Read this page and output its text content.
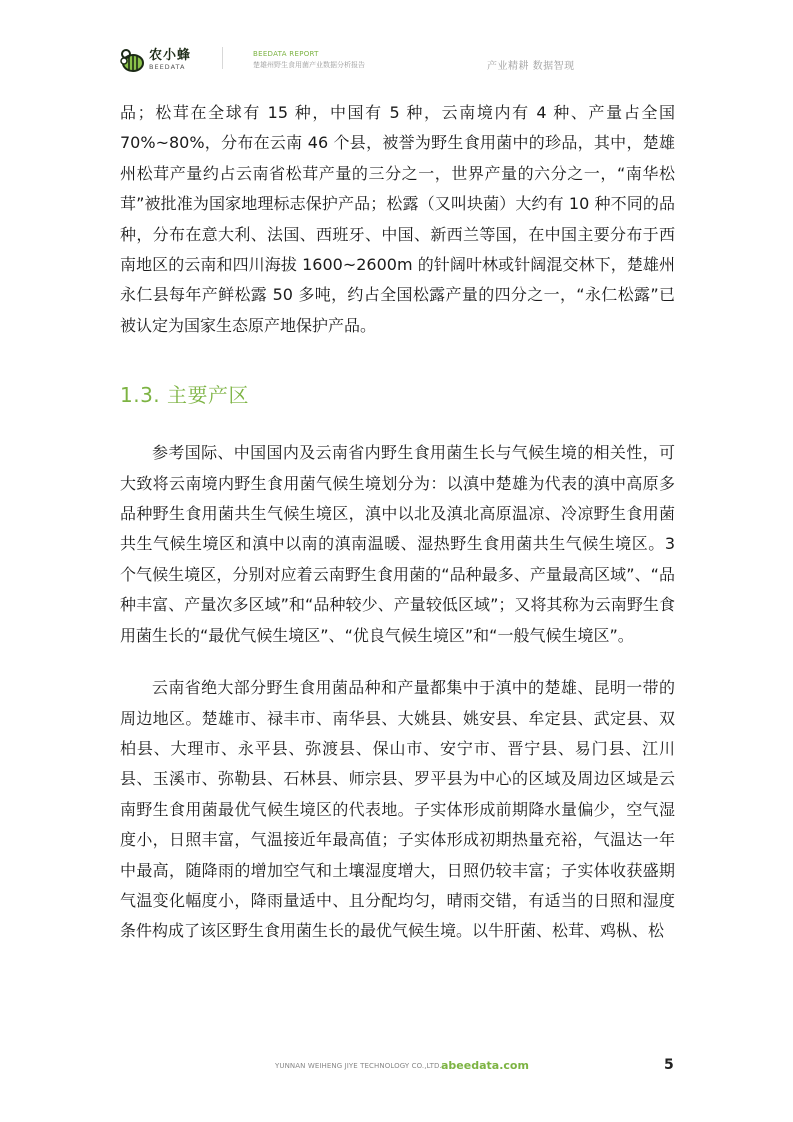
农小蜂
BEEDATA
BEEDATA REPORT
楚雄州野生食用菌产业数据分析报告	产业精耕 数据智现

品；松茸在全球有 15 种，中国有 5 种，云南境内有 4 种、产量占全国 70%~80%，分布在云南 46 个县，被誉为野生食用菌中的珍品，其中，楚雄州松茸产量约占云南省松茸产量的三分之一，世界产量的六分之一，“南华松茸”被批准为国家地理标志保护产品；松露（又叫块菌）大约有 10 种不同的品种，分布在意大利、法国、西班牙、中国、新西兰等国，在中国主要分布于西南地区的云南和四川海拔 1600~2600m 的针阔叶林或针阔混交林下，楚雄州永仁县每年产鲜松露 50 多吨，约占全国松露产量的四分之一，“永仁松露”已被认定为国家生态原产地保护产品。

1.3. 主要产区

参考国际、中国国内及云南省内野生食用菌生长与气候生境的相关性，可大致将云南境内野生食用菌气候生境划分为：以滇中楚雄为代表的滇中高原多品种野生食用菌共生气候生境区，滇中以北及滇北高原温凉、冷凉野生食用菌共生气候生境区和滇中以南的滇南温暖、湿热野生食用菌共生气候生境区。3 个气候生境区，分别对应着云南野生食用菌的“品种最多、产量最高区域”、“品种丰富、产量次多区域”和“品种较少、产量较低区域”；又将其称为云南野生食用菌生长的“最优气候生境区”、“优良气候生境区”和“一般气候生境区”。

云南省绝大部分野生食用菌品种和产量都集中于滇中的楚雄、昆明一带的周边地区。楚雄市、禄丰市、南华县、大姚县、姚安县、牟定县、武定县、双柏县、大理市、永平县、弥渡县、保山市、安宁市、晋宁县、易门县、江川县、玉溪市、弥勒县、石林县、师宗县、罗平县为中心的区域及周边区域是云南野生食用菌最优气候生境区的代表地。子实体形成前期降水量偏少，空气湿度小，日照丰富，气温接近年最高值；子实体形成初期热量充裕，气温达一年中最高，随降雨的增加空气和土壤湿度增大，日照仍较丰富；子实体收获盛期气温变化幅度小，降雨量适中、且分配均匀，晴雨交错，有适当的日照和湿度条件构成了该区野生食用菌生长的最优气候生境。以牛肝菌、松茸、鸡枞、松

YUNNAN WEIHENG JIYE TECHNOLOGY CO.,LTD. abeedata.com	5
